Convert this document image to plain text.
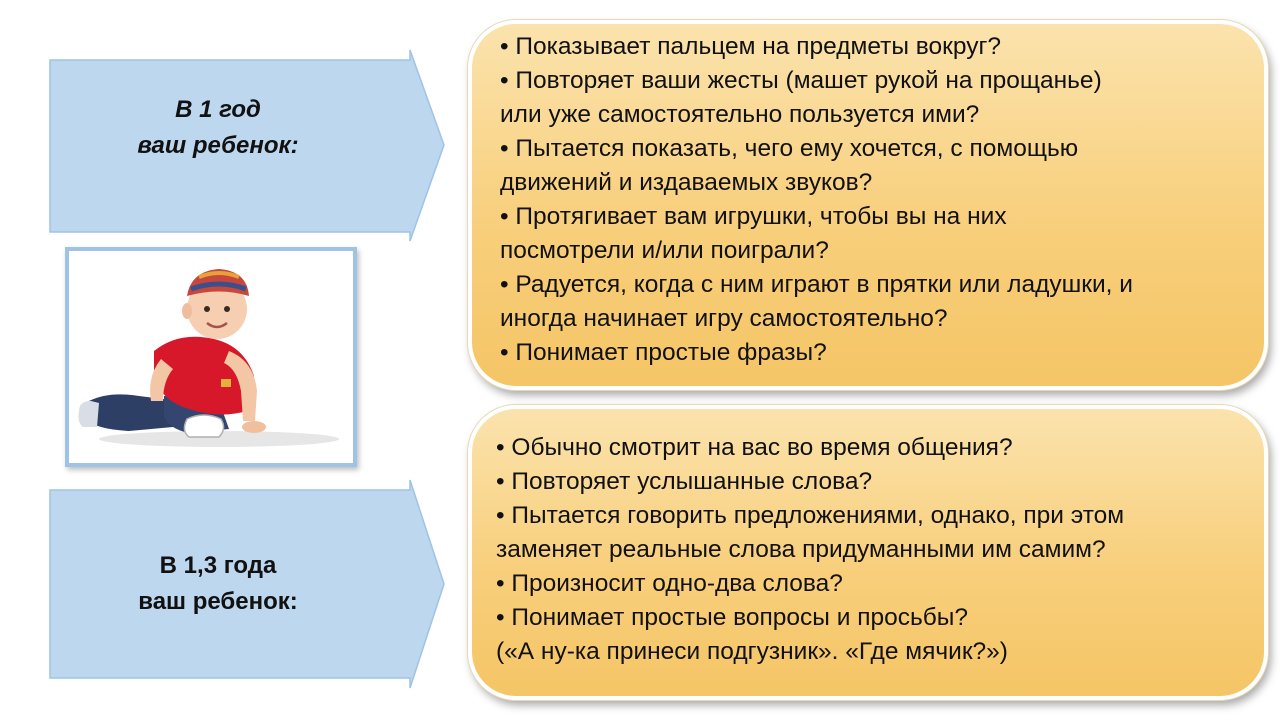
В 1 год
ваш ребенок:
В 1,3 года
ваш ребенок:

• Показывает пальцем на предметы вокруг?

• Повторяет ваши жесты (машет рукой на прощанье)

или уже самостоятельно пользуется ими?

• Пытается показать, чего ему хочется, с помощью

движений и издаваемых звуков?

• Протягивает вам игрушки, чтобы вы на них

посмотрели и/или поиграли?

• Радуется, когда с ним играют в прятки или ладушки, и

иногда начинает игру самостоятельно?

• Понимает простые фразы?

• Обычно смотрит на вас во время общения?

• Повторяет услышанные слова?

• Пытается говорить предложениями, однако, при этом

заменяет реальные слова придуманными им самим?

• Произносит одно-два слова?

• Понимает простые вопросы и просьбы?

(«А ну-ка принеси подгузник». «Где мячик?»)
